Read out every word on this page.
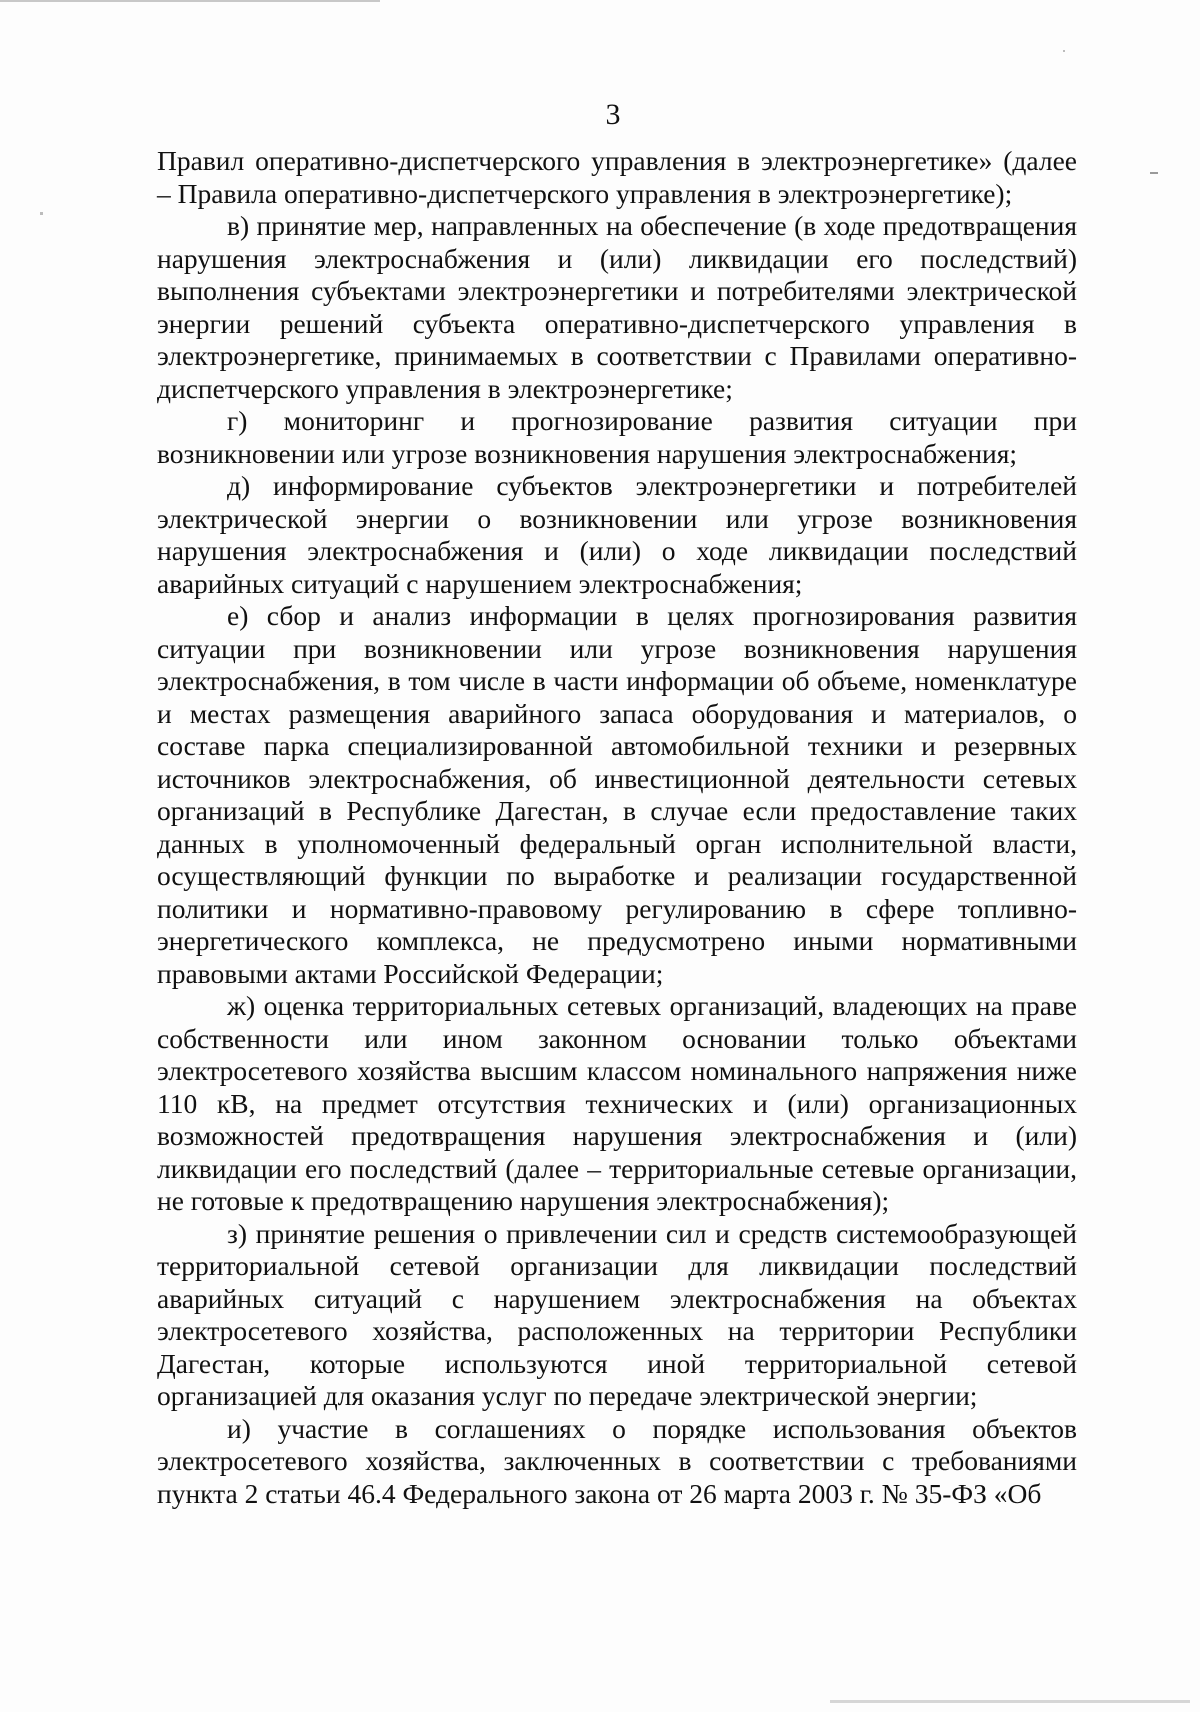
3

Правил оперативно-диспетчерского управления в электроэнергетике» (далее – Правила оперативно-диспетчерского управления в электроэнергетике);

в) принятие мер, направленных на обеспечение (в ходе предотвращения нарушения электроснабжения и (или) ликвидации его последствий) выполнения субъектами электроэнергетики и потребителями электрической энергии решений субъекта оперативно-диспетчерского управления в электроэнергетике, принимаемых в соответствии с Правилами оперативно-диспетчерского управления в электроэнергетике;

г) мониторинг и прогнозирование развития ситуации при возникновении или угрозе возникновения нарушения электроснабжения;

д) информирование субъектов электроэнергетики и потребителей электрической энергии о возникновении или угрозе возникновения нарушения электроснабжения и (или) о ходе ликвидации последствий аварийных ситуаций с нарушением электроснабжения;

е) сбор и анализ информации в целях прогнозирования развития ситуации при возникновении или угрозе возникновения нарушения электроснабжения, в том числе в части информации об объеме, номенклатуре и местах размещения аварийного запаса оборудования и материалов, о составе парка специализированной автомобильной техники и резервных источников электроснабжения, об инвестиционной деятельности сетевых организаций в Республике Дагестан, в случае если предоставление таких данных в уполномоченный федеральный орган исполнительной власти, осуществляющий функции по выработке и реализации государственной политики и нормативно-правовому регулированию в сфере топливно-энергетического комплекса, не предусмотрено иными нормативными правовыми актами Российской Федерации;

ж) оценка территориальных сетевых организаций, владеющих на праве собственности или ином законном основании только объектами электросетевого хозяйства высшим классом номинального напряжения ниже 110 кВ, на предмет отсутствия технических и (или) организационных возможностей предотвращения нарушения электроснабжения и (или) ликвидации его последствий (далее – территориальные сетевые организации, не готовые к предотвращению нарушения электроснабжения);

з) принятие решения о привлечении сил и средств системообразующей территориальной сетевой организации для ликвидации последствий аварийных ситуаций с нарушением электроснабжения на объектах электросетевого хозяйства, расположенных на территории Республики Дагестан, которые используются иной территориальной сетевой организацией для оказания услуг по передаче электрической энергии;

и) участие в соглашениях о порядке использования объектов электросетевого хозяйства, заключенных в соответствии с требованиями пункта 2 статьи 46.4 Федерального закона от 26 марта 2003 г. № 35-ФЗ «Об
